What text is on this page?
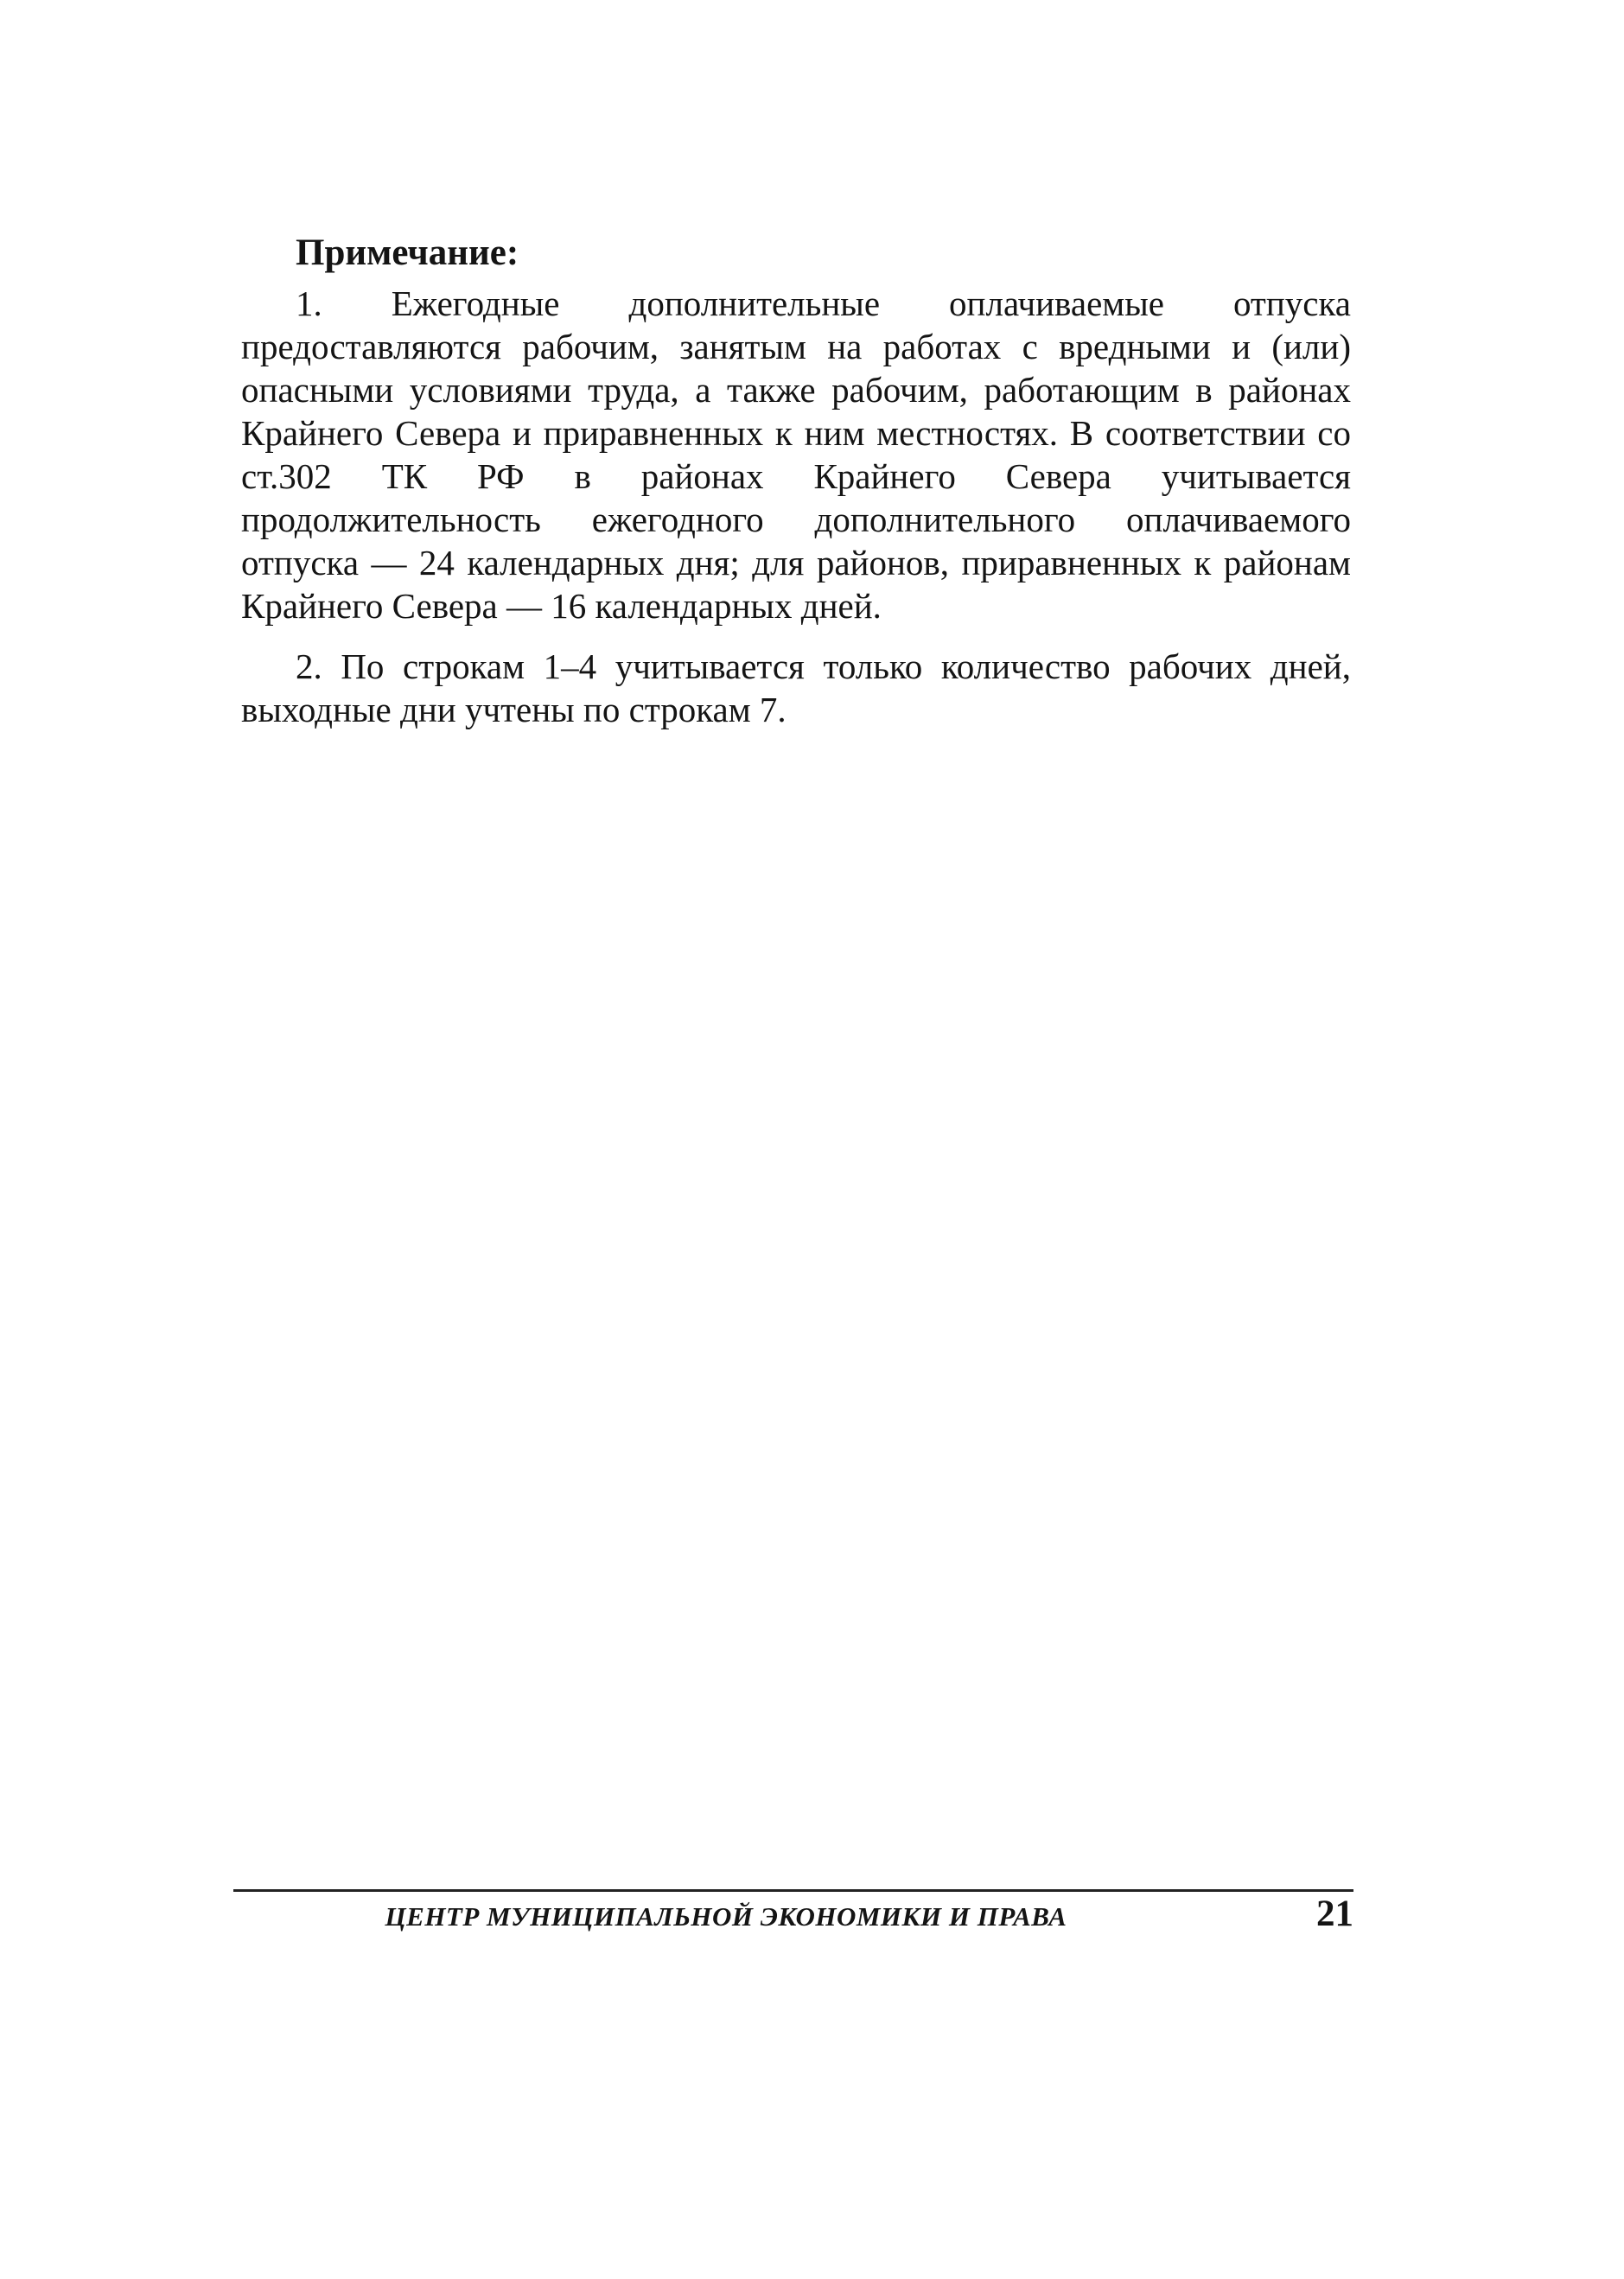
Примечание:

1. Ежегодные дополнительные оплачиваемые отпуска предоставляются рабочим, занятым на работах с вредными и (или) опасными условиями труда, а также рабочим, работающим в районах Крайнего Севера и приравненных к ним местностях. В соответствии со ст.302 ТК РФ в районах Крайнего Севера учитывается продолжительность ежегодного дополнительного оплачиваемого отпуска — 24 календарных дня; для районов, приравненных к районам Крайнего Севера — 16 календарных дней.

2. По строкам 1–4 учитывается только количество рабочих дней, выходные дни учтены по строкам 7.

ЦЕНТР МУНИЦИПАЛЬНОЙ ЭКОНОМИКИ И ПРАВА	21
